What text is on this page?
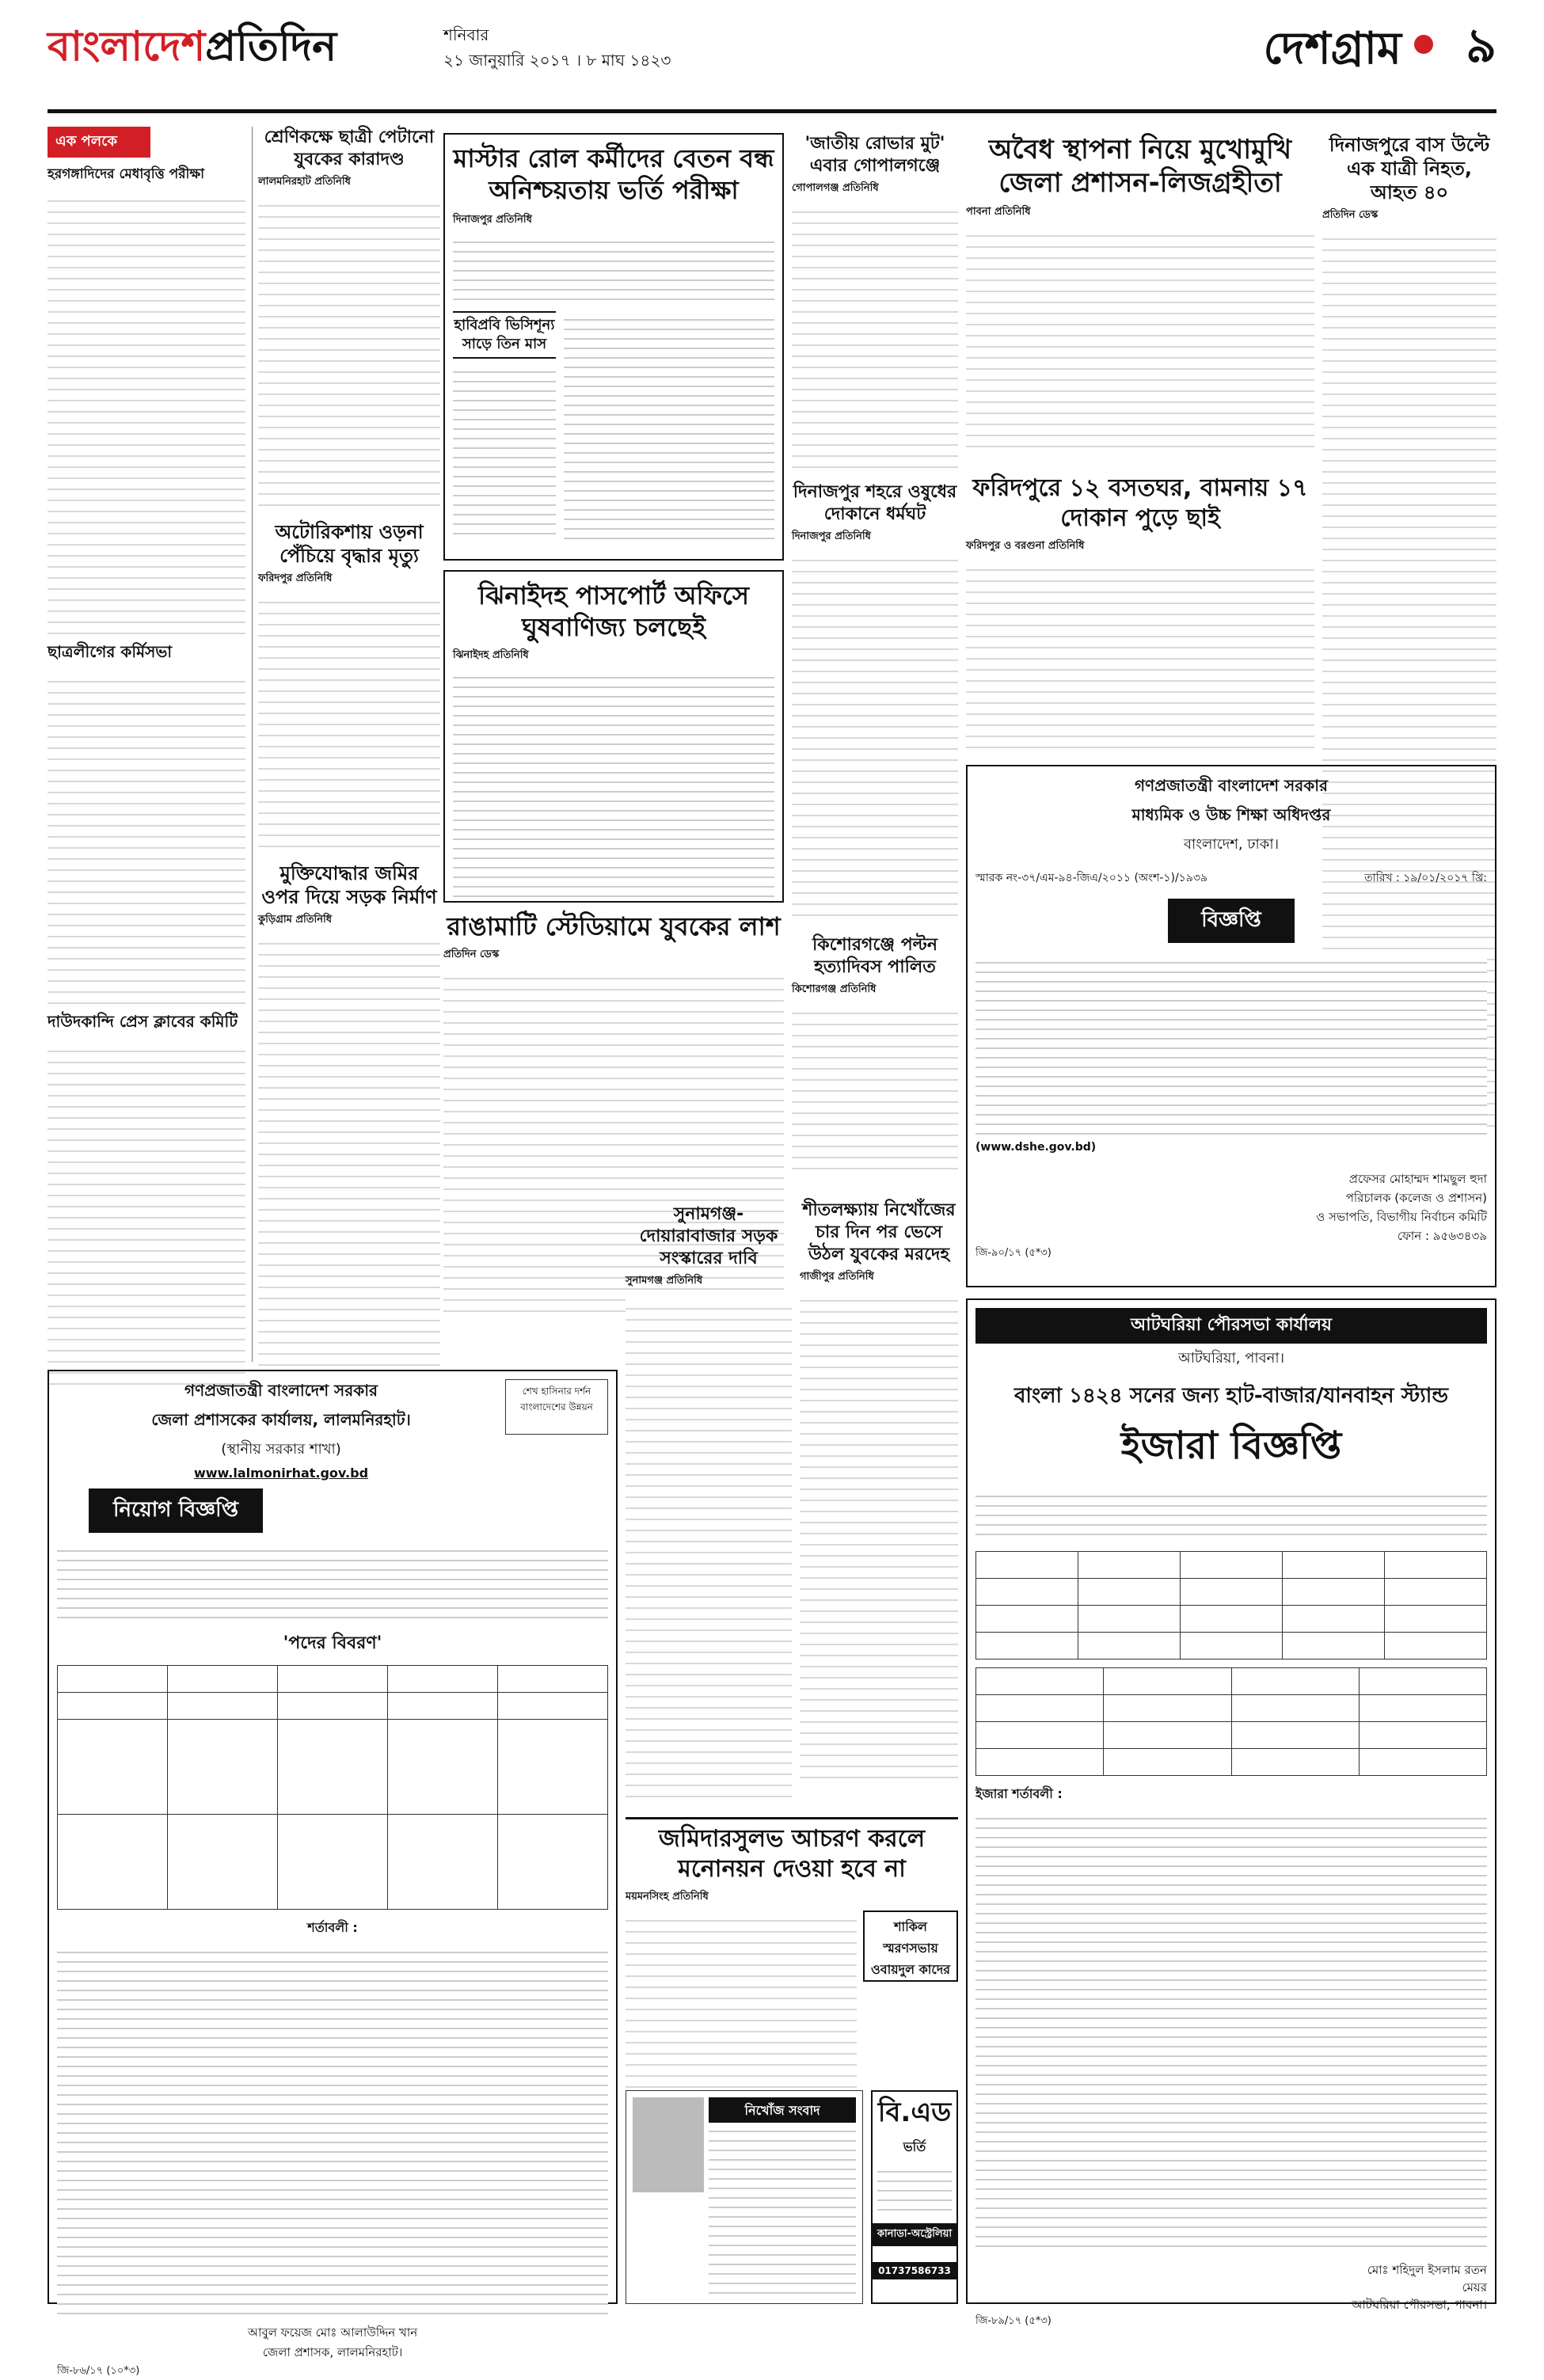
বাংলাদেশপ্রতিদিন	শনিবার
২১ জানুয়ারি ২০১৭ । ৮ মাঘ ১৪২৩	দেশগ্রাম ৯
এক পলকে
হরগঙ্গাদিদের মেধাবৃত্তি পরীক্ষা
ছাত্রলীগের কর্মিসভা
দাউদকান্দি প্রেস ক্লাবের কমিটি
শ্রেণিকক্ষে ছাত্রী পেটানো যুবকের কারাদণ্ড
লালমনিরহাট প্রতিনিধি
অটোরিকশায় ওড়না পেঁচিয়ে বৃদ্ধার মৃত্যু
ফরিদপুর প্রতিনিধি
মুক্তিযোদ্ধার জমির ওপর দিয়ে সড়ক নির্মাণ
কুড়িগ্রাম প্রতিনিধি
মাস্টার রোল কর্মীদের বেতন বন্ধ অনিশ্চয়তায় ভর্তি পরীক্ষা
দিনাজপুর প্রতিনিধি
হাবিপ্রবি ভিসিশূন্য সাড়ে তিন মাস
'জাতীয় রোভার মুট' এবার গোপালগঞ্জে
গোপালগঞ্জ প্রতিনিধি
দিনাজপুর শহরে ওষুধের দোকানে ধর্মঘট
দিনাজপুর প্রতিনিধি
অবৈধ স্থাপনা নিয়ে মুখোমুখি জেলা প্রশাসন-লিজগ্রহীতা
পাবনা প্রতিনিধি
দিনাজপুরে বাস উল্টে এক যাত্রী নিহত, আহত ৪০
প্রতিদিন ডেস্ক
ফরিদপুরে ১২ বসতঘর, বামনায় ১৭ দোকান পুড়ে ছাই
ফরিদপুর ও বরগুনা প্রতিনিধি
ঝিনাইদহ পাসপোর্ট অফিসে ঘুষবাণিজ্য চলছেই
ঝিনাইদহ প্রতিনিধি
রাঙামাটি স্টেডিয়ামে যুবকের লাশ
প্রতিদিন ডেস্ক	কিশোরগঞ্জে পল্টন হত্যাদিবস পালিত
কিশোরগঞ্জ প্রতিনিধি
গণপ্রজাতন্ত্রী বাংলাদেশ সরকার
মাধ্যমিক ও উচ্চ শিক্ষা অধিদপ্তর
বাংলাদেশ, ঢাকা।
স্মারক নং-৩৭/এম-৯৪-জিএ/২০১১ (অংশ-১)/১৯৩৯	তারিখ : ১৯/০১/২০১৭ খ্রি:
বিজ্ঞপ্তি
(www.dshe.gov.bd)
প্রফেসর মোহাম্মদ শামছুল হুদা
পরিচালক (কলেজ ও প্রশাসন)
ও সভাপতি, বিভাগীয় নির্বাচন কমিটি
ফোন : ৯৫৬৩৪৩৯
জি-৯০/১৭ (৫*৩)
সুনামগঞ্জ-দোয়ারাবাজার সড়ক সংস্কারের দাবি
সুনামগঞ্জ প্রতিনিধি
শীতলক্ষ্যায় নিখোঁজের চার দিন পর ভেসে উঠল যুবকের মরদেহ
গাজীপুর প্রতিনিধি
গণপ্রজাতন্ত্রী বাংলাদেশ সরকার
জেলা প্রশাসকের কার্যালয়, লালমনিরহাট।
(স্থানীয় সরকার শাখা)
www.lalmonirhat.gov.bd
শেখ হাসিনার দর্শন বাংলাদেশের উন্নয়ন
নিয়োগ বিজ্ঞপ্তি
'পদের বিবরণ'

শর্তাবলী :
আবুল ফয়েজ মোঃ আলাউদ্দিন খান
জেলা প্রশাসক, লালমনিরহাট।
জি-৮৬/১৭ (১০*৩)
জমিদারসুলভ আচরণ করলে মনোনয়ন দেওয়া হবে না
ময়মনসিংহ প্রতিনিধি
শাকিল স্মরণসভায় ওবায়দুল কাদের
নিখোঁজ সংবাদ	বি.এড
ভর্তি
কানাডা-অস্ট্রেলিয়া
01737586733
আটঘরিয়া পৌরসভা কার্যালয়
আটঘরিয়া, পাবনা।
বাংলা ১৪২৪ সনের জন্য হাট-বাজার/যানবাহন স্ট্যান্ড
ইজারা বিজ্ঞপ্তি

ইজারা শর্তাবলী :
মোঃ শহিদুল ইসলাম রতন
মেয়র
আটঘরিয়া পৌরসভা, পাবনা।
জি-৮৯/১৭ (৫*৩)
